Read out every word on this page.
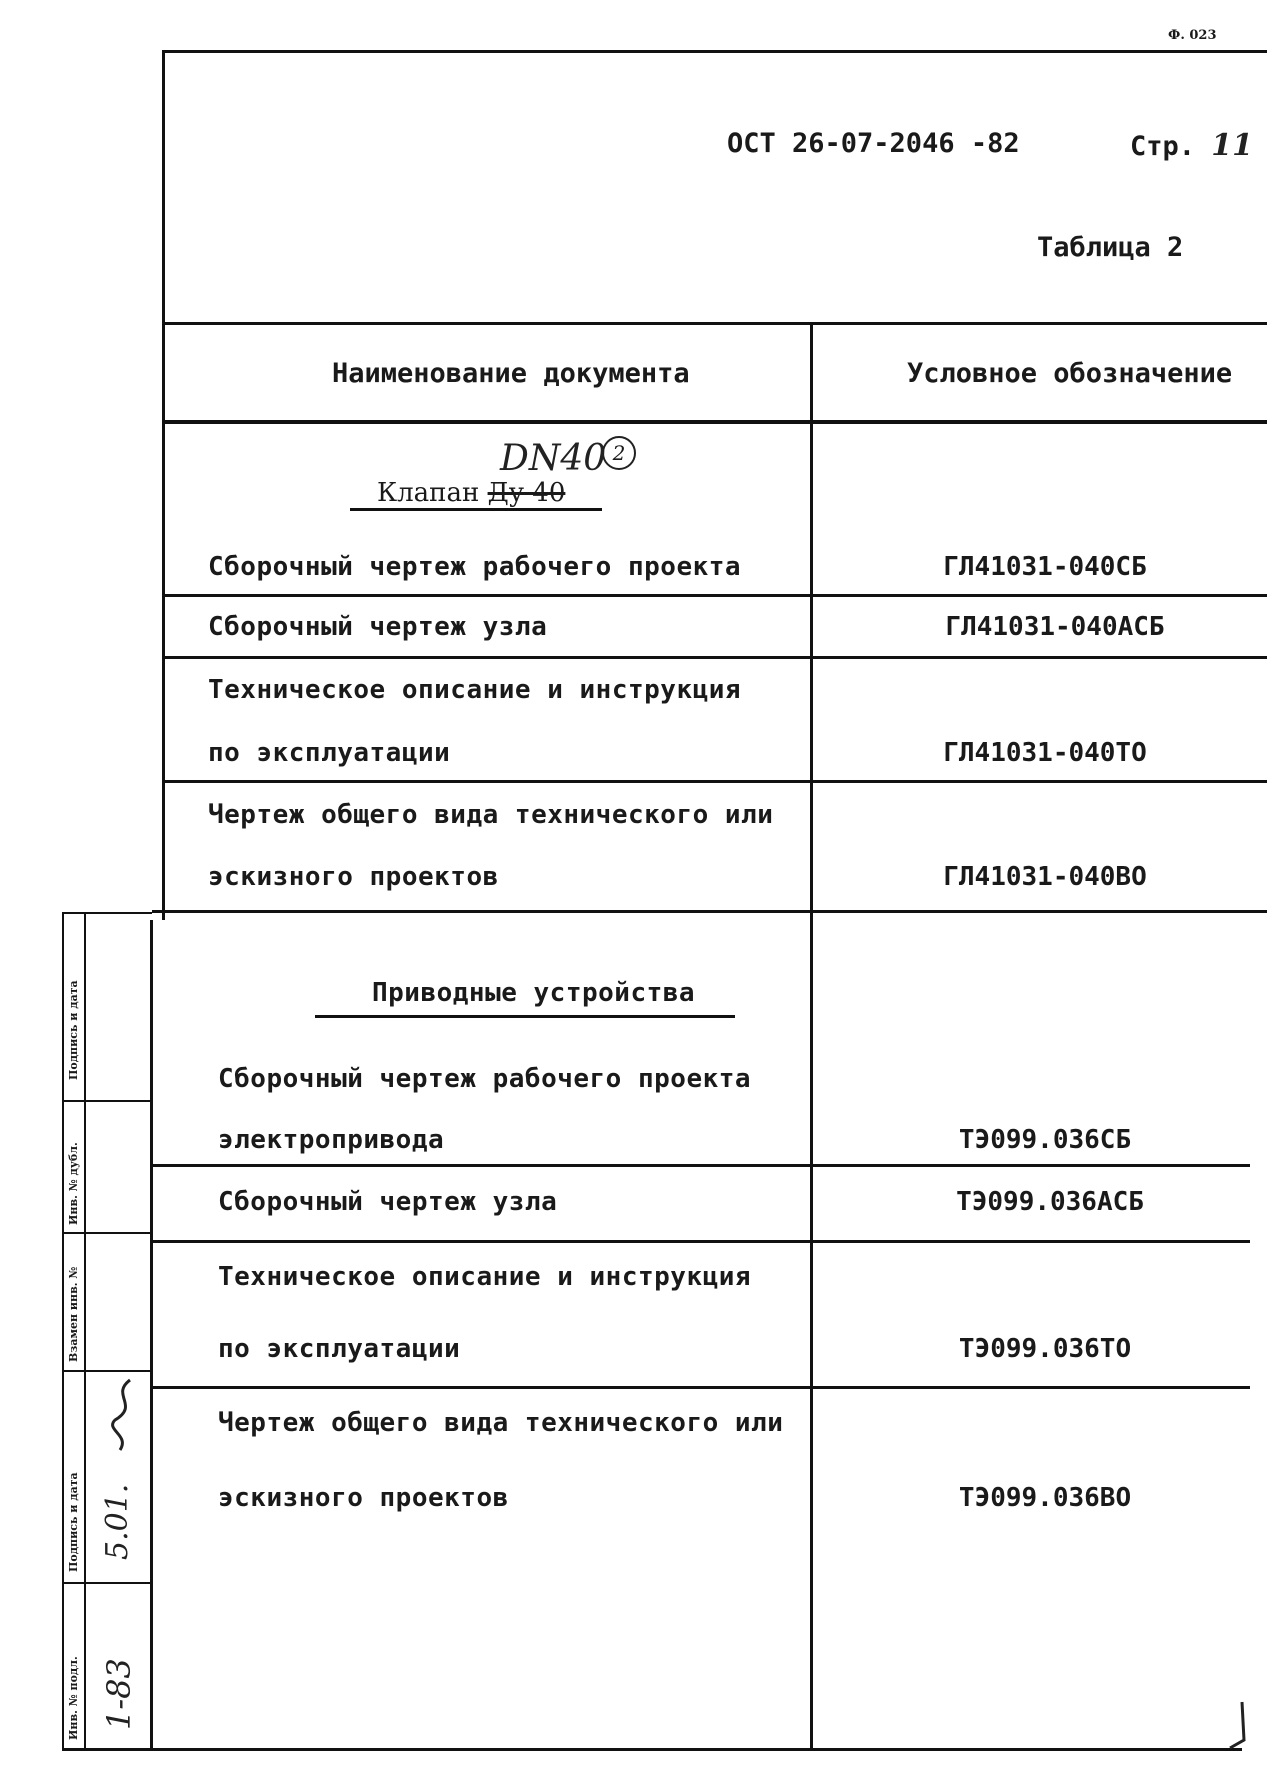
Ф. 023
ОСТ 26-07-2046 -82	Стр. 11
Таблица 2
Наименование документа	Условное обозначение
DN40 2
Клапан Ду 40
Сборочный чертеж рабочего проекта	ГЛ41031-040СБ
Сборочный чертеж узла	ГЛ41031-040АСБ
Техническое описание и инструкция
по эксплуатации	ГЛ41031-040ТО
Чертеж общего вида технического или
эскизного проектов	ГЛ41031-040ВО
Приводные устройства
Сборочный чертеж рабочего проекта
электропривода	ТЭ099.036СБ
Сборочный чертеж узла	ТЭ099.036АСБ
Техническое описание и инструкция
по эксплуатации	ТЭ099.036ТО
Чертеж общего вида технического или
эскизного проектов	ТЭ099.036ВО
Подпись и дата
Инв. № дубл.
Взамен инв. №
Подпись и дата
Инв. № подл.
5.01.
1-83
